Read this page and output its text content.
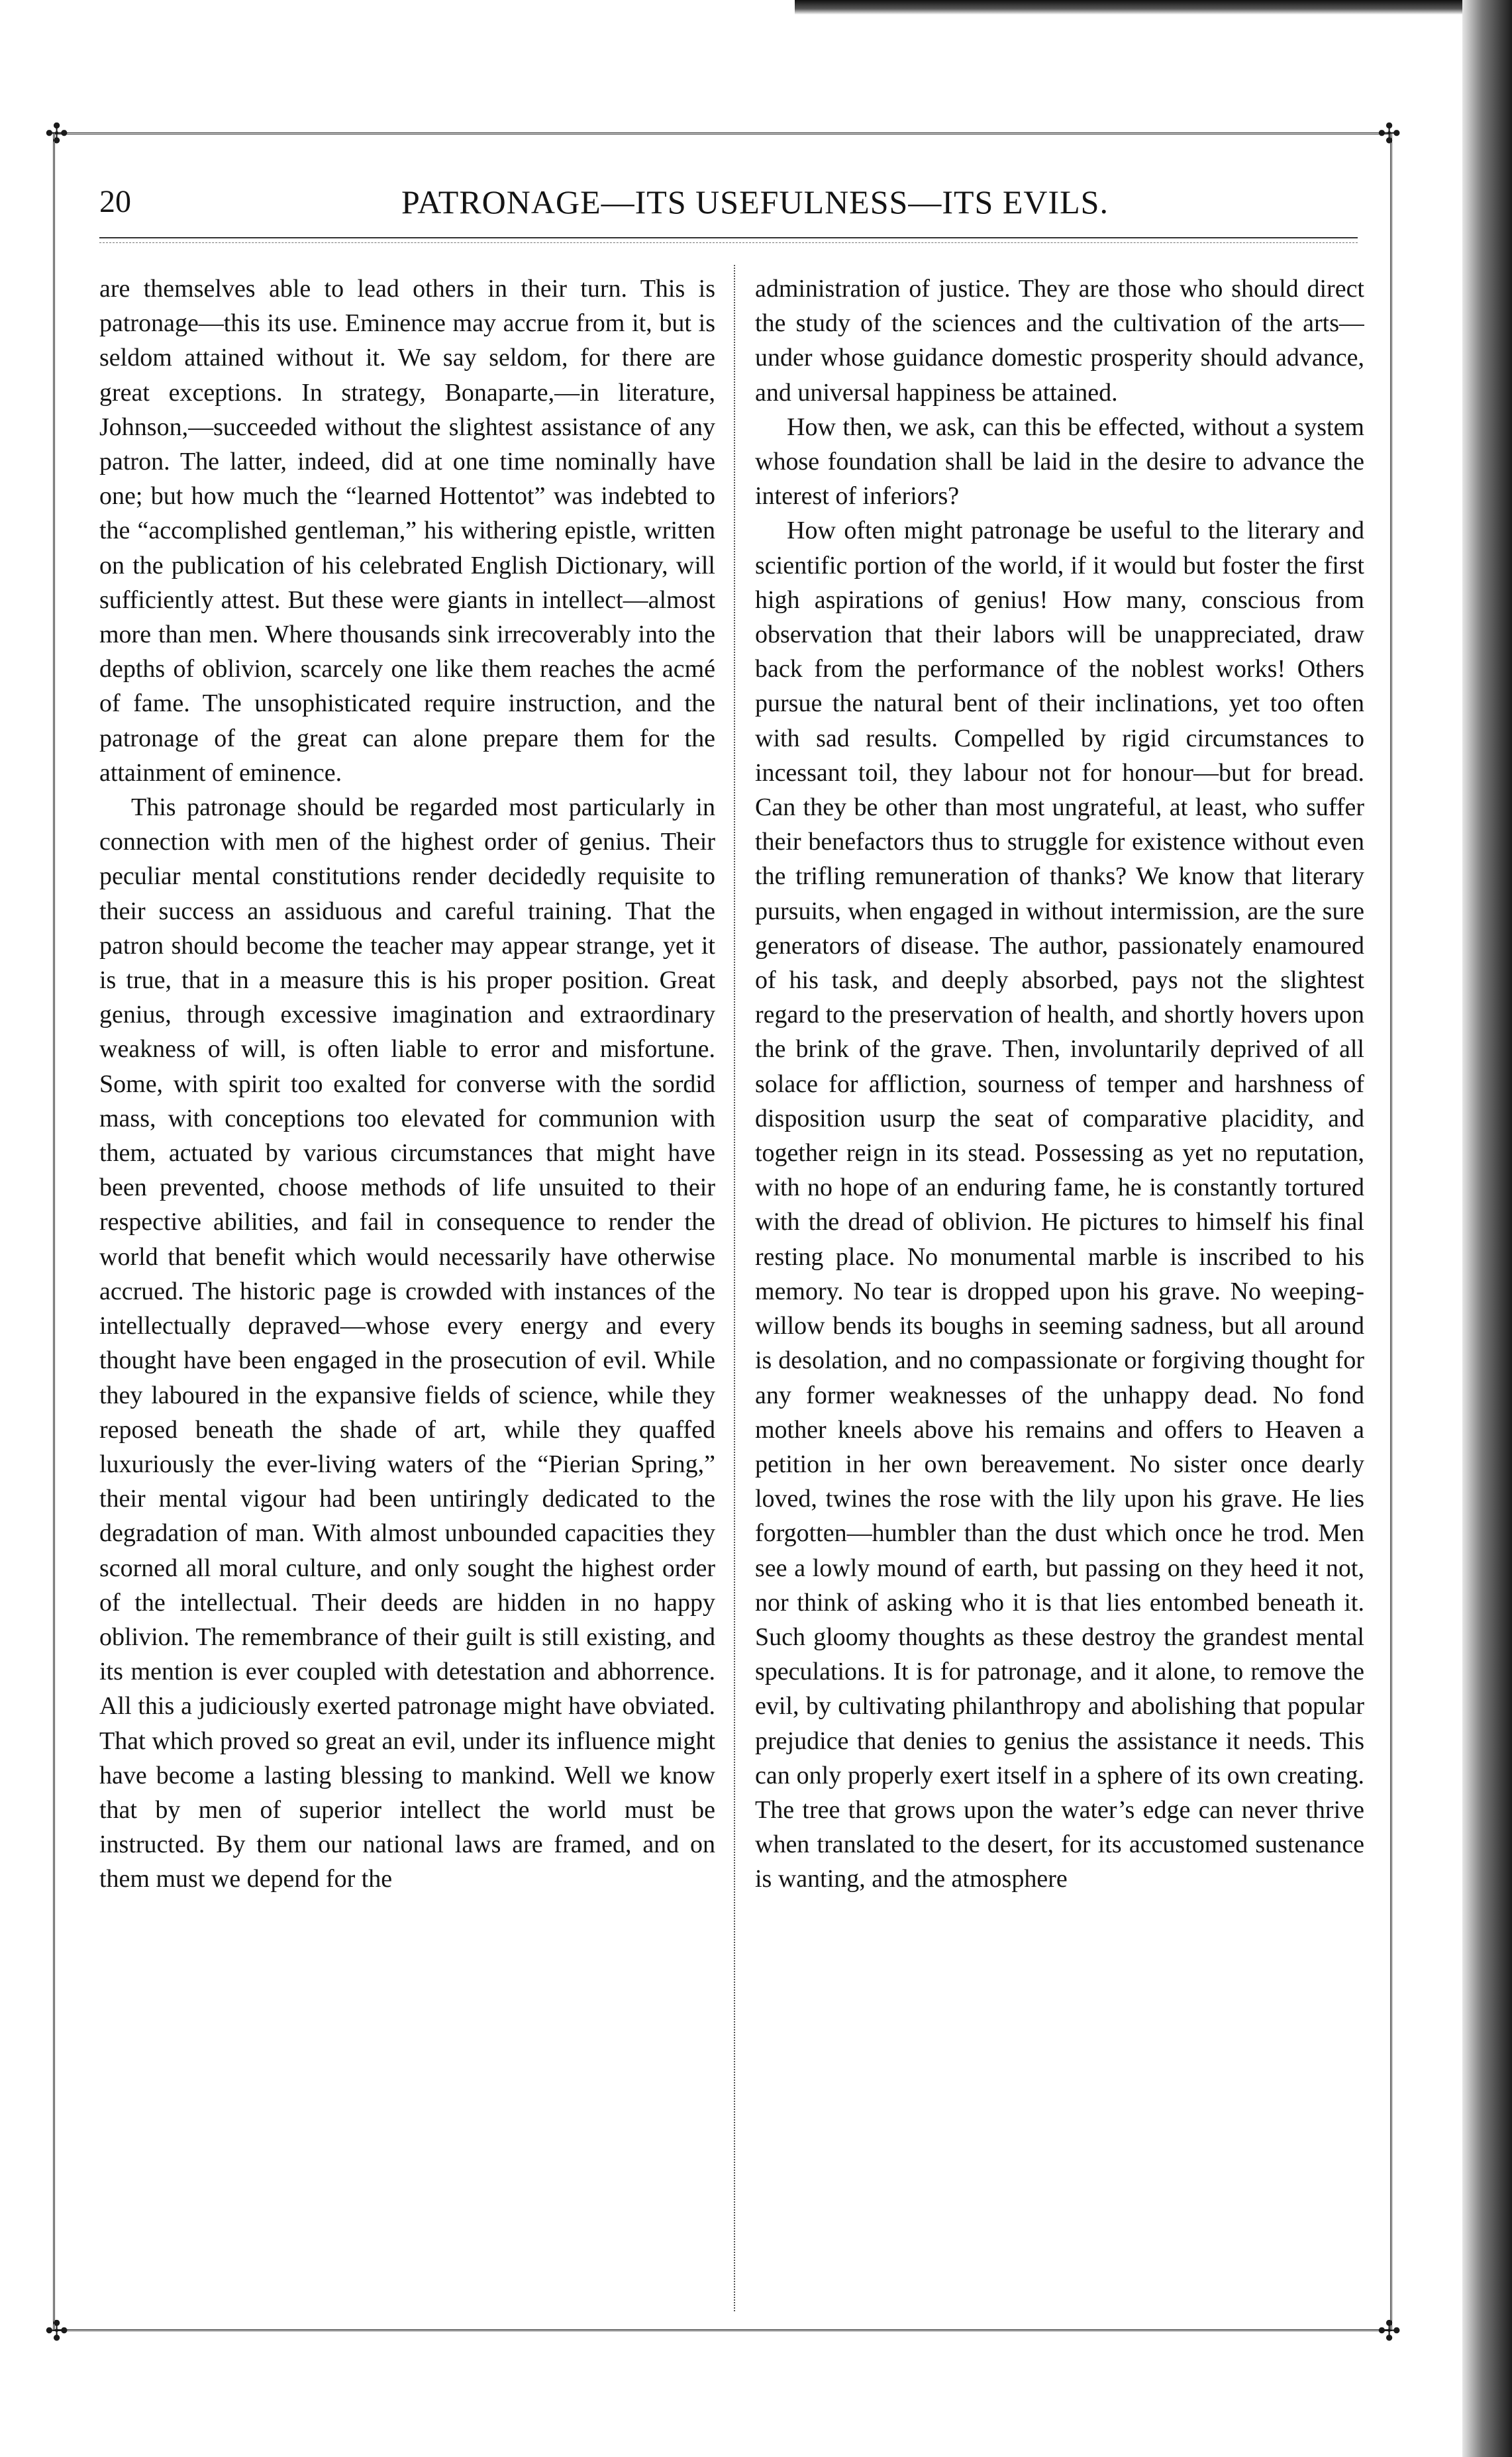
✣	✣
✣	✣
20	PATRONAGE—ITS USEFULNESS—ITS EVILS.

are themselves able to lead others in their turn. This is patronage—this its use. Eminence may accrue from it, but is seldom attained without it. We say seldom, for there are great exceptions. In strategy, Bonaparte,—in literature, Johnson,—succeeded without the slightest assistance of any patron. The latter, indeed, did at one time nominally have one; but how much the “learned Hottentot” was indebted to the “accomplished gentleman,” his withering epistle, written on the publication of his celebrated English Dictionary, will sufficiently attest. But these were giants in intellect—almost more than men. Where thousands sink irrecoverably into the depths of oblivion, scarcely one like them reaches the acmé of fame. The unsophisticated require instruction, and the patronage of the great can alone prepare them for the attainment of eminence.

This patronage should be regarded most particularly in connection with men of the highest order of genius. Their peculiar mental constitutions render decidedly requisite to their success an assiduous and careful training. That the patron should become the teacher may appear strange, yet it is true, that in a measure this is his proper position. Great genius, through excessive imagination and extraordinary weakness of will, is often liable to error and misfortune. Some, with spirit too exalted for converse with the sordid mass, with conceptions too elevated for communion with them, actuated by various circumstances that might have been prevented, choose methods of life unsuited to their respective abilities, and fail in consequence to render the world that benefit which would necessarily have otherwise accrued. The historic page is crowded with instances of the intellectually depraved—whose every energy and every thought have been engaged in the prosecution of evil. While they laboured in the expansive fields of science, while they reposed beneath the shade of art, while they quaffed luxuriously the ever-living waters of the “Pierian Spring,” their mental vigour had been untiringly dedicated to the degradation of man. With almost unbounded capacities they scorned all moral culture, and only sought the highest order of the intellectual. Their deeds are hidden in no happy oblivion. The remembrance of their guilt is still existing, and its mention is ever coupled with detestation and abhorrence. All this a judiciously exerted patronage might have obviated. That which proved so great an evil, under its influence might have become a lasting blessing to mankind. Well we know that by men of superior intellect the world must be instructed. By them our national laws are framed, and on them must we depend for the

administration of justice. They are those who should direct the study of the sciences and the cultivation of the arts—under whose guidance domestic prosperity should advance, and universal happiness be attained.

How then, we ask, can this be effected, without a system whose foundation shall be laid in the desire to advance the interest of inferiors?

How often might patronage be useful to the literary and scientific portion of the world, if it would but foster the first high aspirations of genius! How many, conscious from observation that their labors will be unappreciated, draw back from the performance of the noblest works! Others pursue the natural bent of their inclinations, yet too often with sad results. Compelled by rigid circumstances to incessant toil, they labour not for honour—but for bread. Can they be other than most ungrateful, at least, who suffer their benefactors thus to struggle for existence without even the trifling remuneration of thanks? We know that literary pursuits, when engaged in without intermission, are the sure generators of disease. The author, passionately enamoured of his task, and deeply absorbed, pays not the slightest regard to the preservation of health, and shortly hovers upon the brink of the grave. Then, involuntarily deprived of all solace for affliction, sourness of temper and harshness of disposition usurp the seat of comparative placidity, and together reign in its stead. Possessing as yet no reputation, with no hope of an enduring fame, he is constantly tortured with the dread of oblivion. He pictures to himself his final resting place. No monumental marble is inscribed to his memory. No tear is dropped upon his grave. No weeping-willow bends its boughs in seeming sadness, but all around is desolation, and no compassionate or forgiving thought for any former weaknesses of the unhappy dead. No fond mother kneels above his remains and offers to Heaven a petition in her own bereavement. No sister once dearly loved, twines the rose with the lily upon his grave. He lies forgotten—humbler than the dust which once he trod. Men see a lowly mound of earth, but passing on they heed it not, nor think of asking who it is that lies entombed beneath it. Such gloomy thoughts as these destroy the grandest mental speculations. It is for patronage, and it alone, to remove the evil, by cultivating philanthropy and abolishing that popular prejudice that denies to genius the assistance it needs. This can only properly exert itself in a sphere of its own creating. The tree that grows upon the water’s edge can never thrive when translated to the desert, for its accustomed sustenance is wanting, and the atmosphere
